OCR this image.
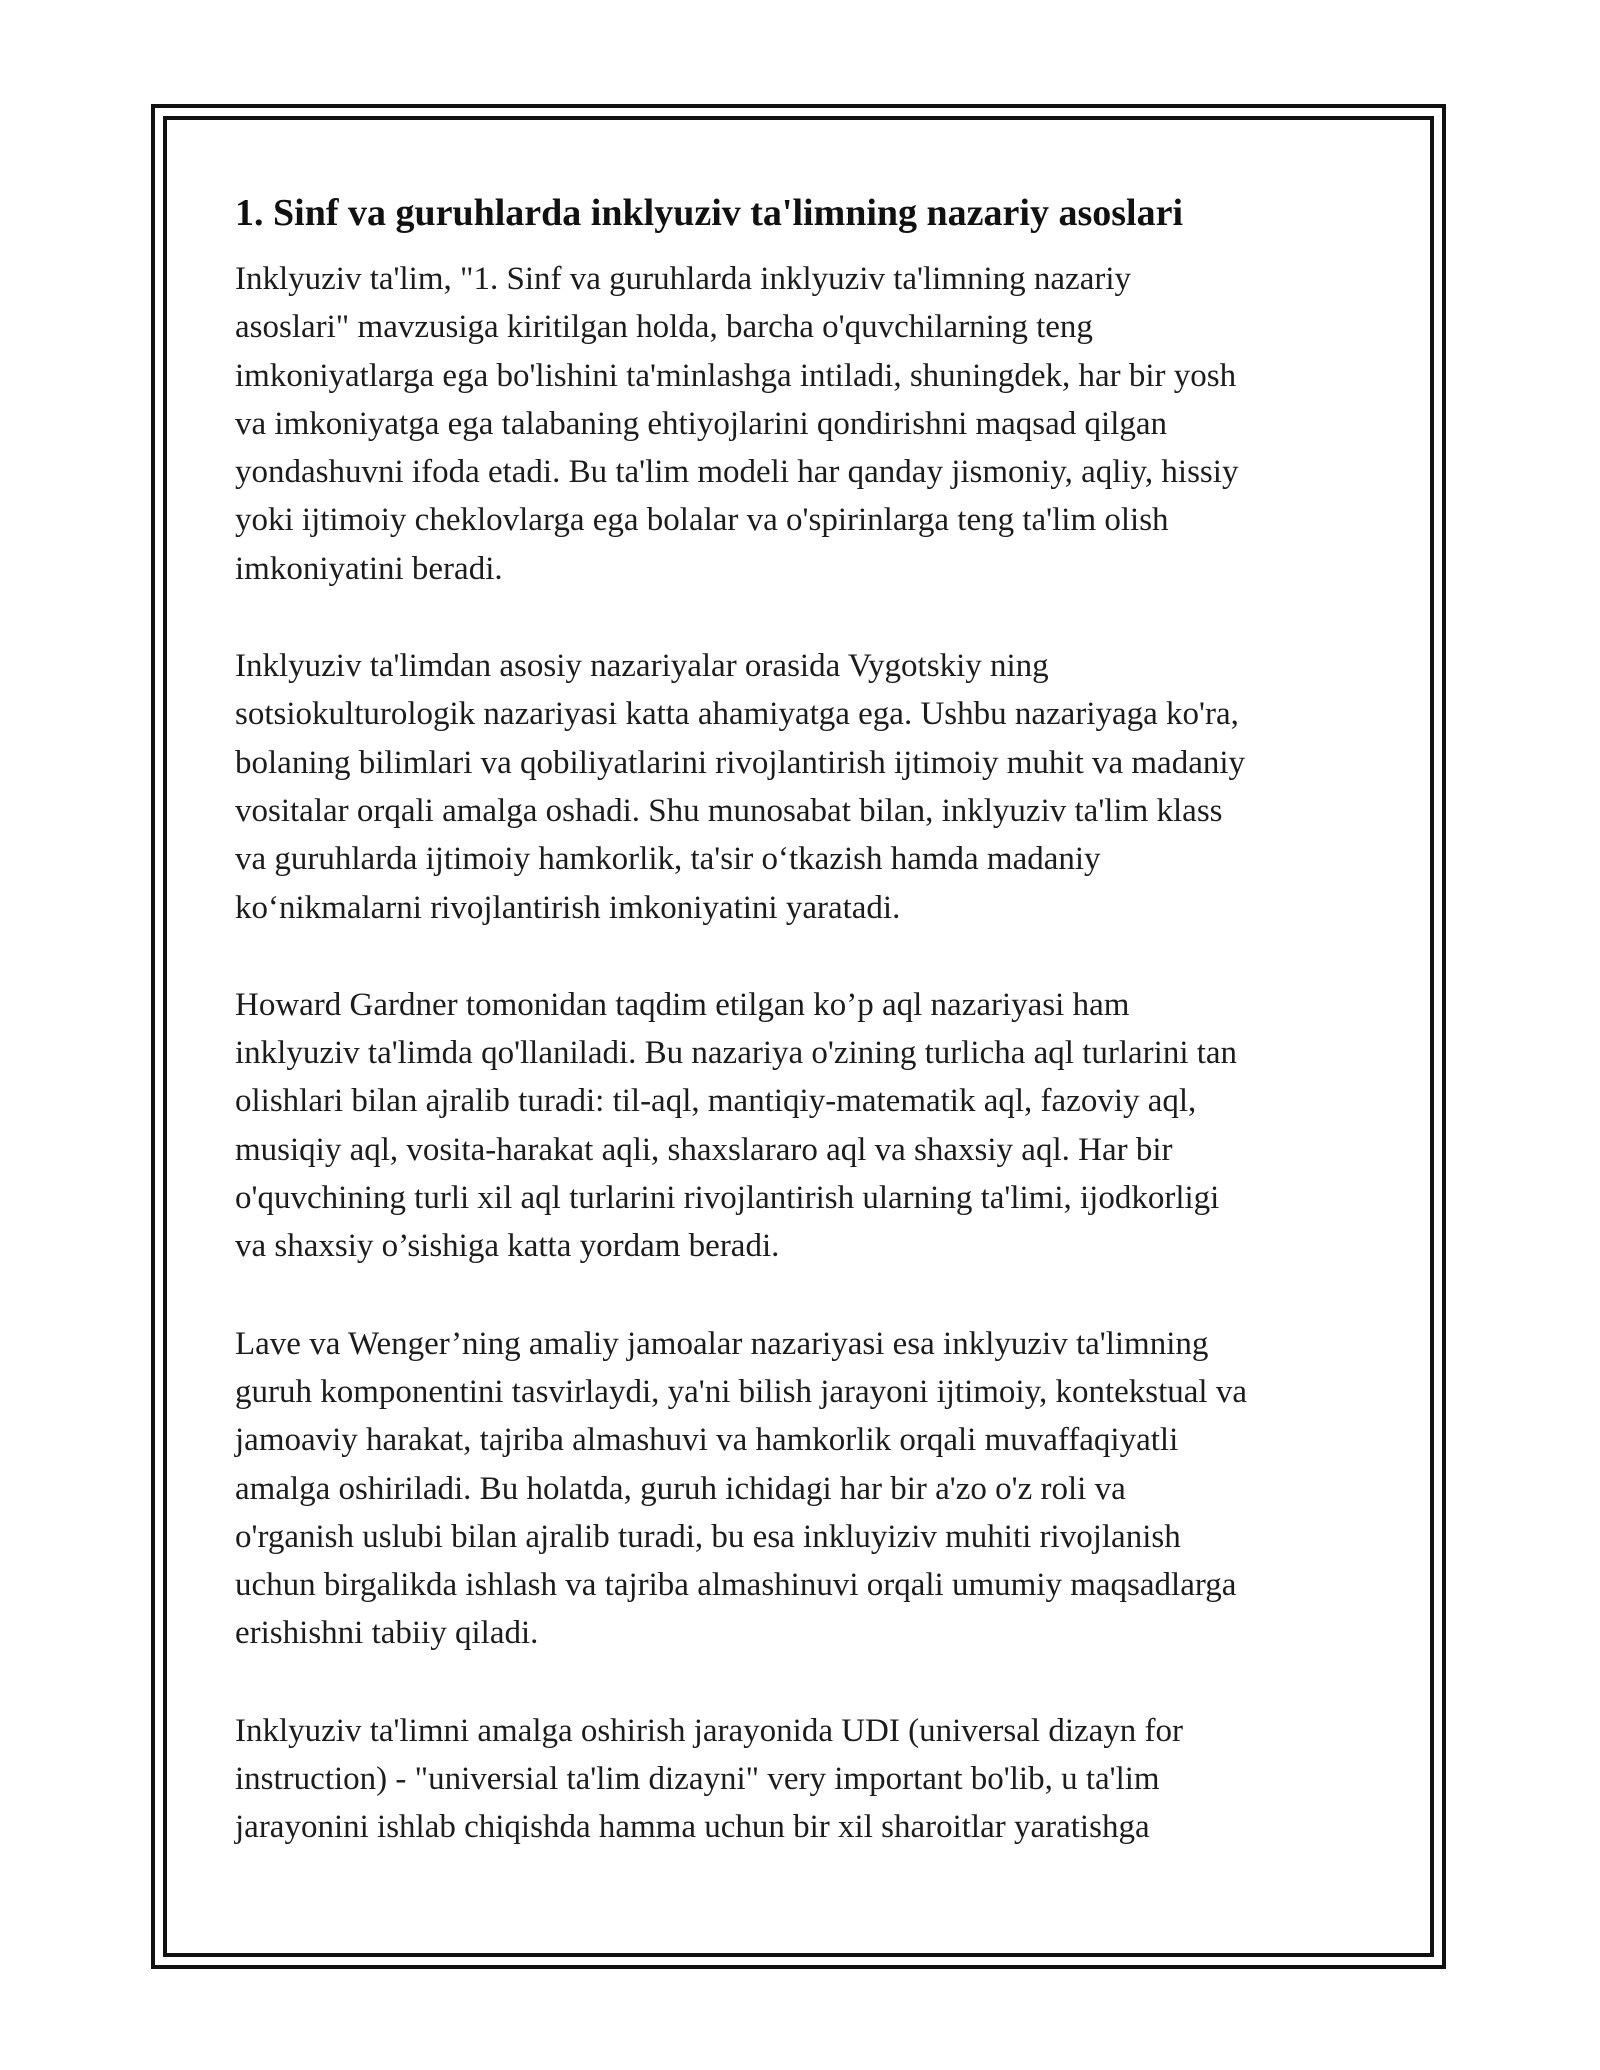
1. Sinf va guruhlarda inklyuziv ta'limning nazariy asoslari

Inklyuziv ta'lim, "1. Sinf va guruhlarda inklyuziv ta'limning nazariy
asoslari" mavzusiga kiritilgan holda, barcha o'quvchilarning teng
imkoniyatlarga ega bo'lishini ta'minlashga intiladi, shuningdek, har bir yosh
va imkoniyatga ega talabaning ehtiyojlarini qondirishni maqsad qilgan
yondashuvni ifoda etadi. Bu ta'lim modeli har qanday jismoniy, aqliy, hissiy
yoki ijtimoiy cheklovlarga ega bolalar va o'spirinlarga teng ta'lim olish
imkoniyatini beradi.

Inklyuziv ta'limdan asosiy nazariyalar orasida Vygotskiy ning
sotsiokulturologik nazariyasi katta ahamiyatga ega. Ushbu nazariyaga ko'ra,
bolaning bilimlari va qobiliyatlarini rivojlantirish ijtimoiy muhit va madaniy
vositalar orqali amalga oshadi. Shu munosabat bilan, inklyuziv ta'lim klass
va guruhlarda ijtimoiy hamkorlik, ta'sir o‘tkazish hamda madaniy
ko‘nikmalarni rivojlantirish imkoniyatini yaratadi.

Howard Gardner tomonidan taqdim etilgan ko’p aql nazariyasi ham
inklyuziv ta'limda qo'llaniladi. Bu nazariya o'zining turlicha aql turlarini tan
olishlari bilan ajralib turadi: til-aql, mantiqiy-matematik aql, fazoviy aql,
musiqiy aql, vosita-harakat aqli, shaxslararo aql va shaxsiy aql. Har bir
o'quvchining turli xil aql turlarini rivojlantirish ularning ta'limi, ijodkorligi
va shaxsiy o’sishiga katta yordam beradi.

Lave va Wenger’ning amaliy jamoalar nazariyasi esa inklyuziv ta'limning
guruh komponentini tasvirlaydi, ya'ni bilish jarayoni ijtimoiy, kontekstual va
jamoaviy harakat, tajriba almashuvi va hamkorlik orqali muvaffaqiyatli
amalga oshiriladi. Bu holatda, guruh ichidagi har bir a'zo o'z roli va
o'rganish uslubi bilan ajralib turadi, bu esa inkluyiziv muhiti rivojlanish
uchun birgalikda ishlash va tajriba almashinuvi orqali umumiy maqsadlarga
erishishni tabiiy qiladi.

Inklyuziv ta'limni amalga oshirish jarayonida UDI (universal dizayn for
instruction) - "universial ta'lim dizayni" very important bo'lib, u ta'lim
jarayonini ishlab chiqishda hamma uchun bir xil sharoitlar yaratishga
